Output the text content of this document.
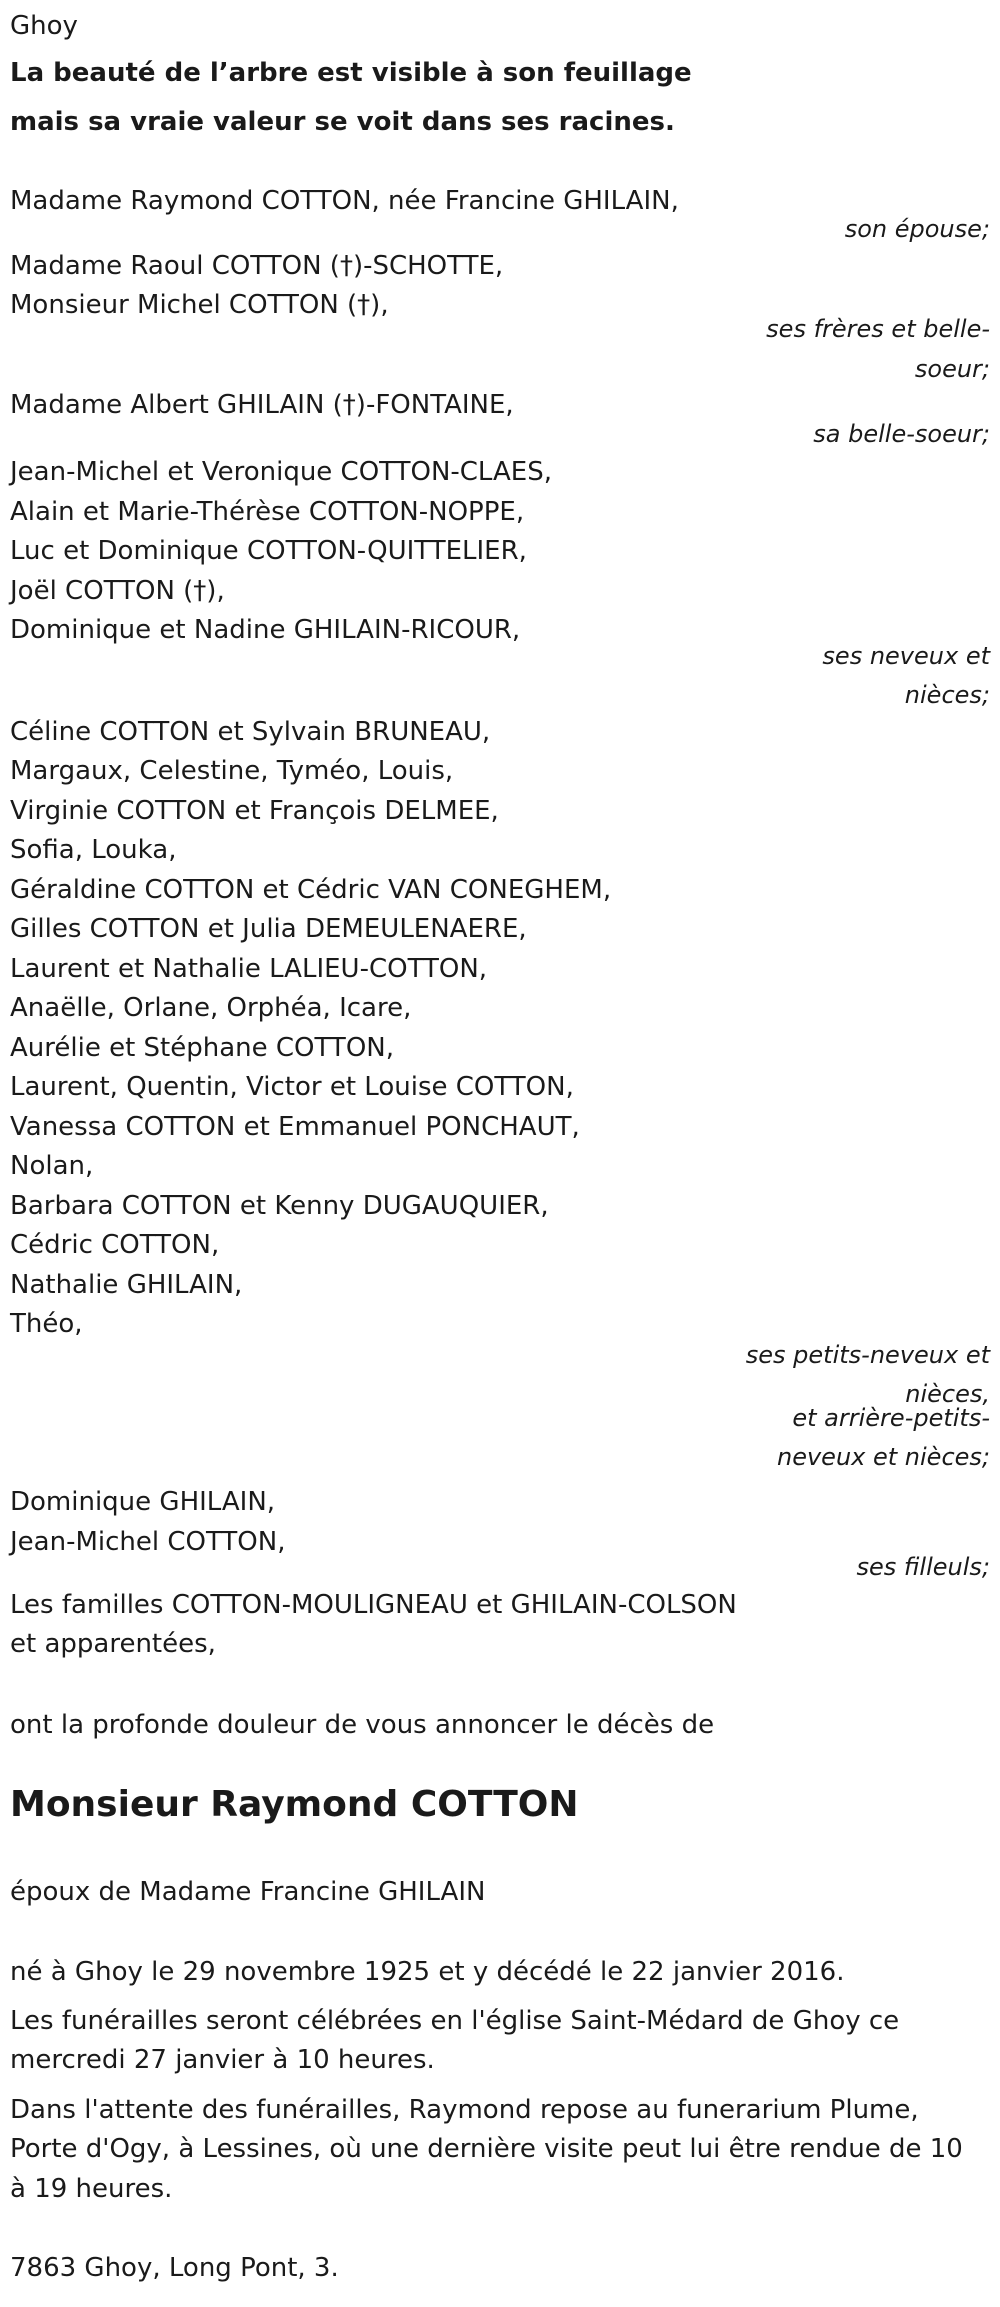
Ghoy
La beauté de l’arbre est visible à son feuillage
mais sa vraie valeur se voit dans ses racines.
Madame Raymond COTTON, née Francine GHILAIN,
son épouse;
Madame Raoul COTTON (†)-SCHOTTE,
Monsieur Michel COTTON (†),
ses frères et belle-
soeur;
Madame Albert GHILAIN (†)-FONTAINE,
sa belle-soeur;
Jean-Michel et Veronique COTTON-CLAES,
Alain et Marie-Thérèse COTTON-NOPPE,
Luc et Dominique COTTON-QUITTELIER,
Joël COTTON (†),
Dominique et Nadine GHILAIN-RICOUR,
ses neveux et
nièces;
Céline COTTON et Sylvain BRUNEAU,
Margaux, Celestine, Tyméo, Louis,
Virginie COTTON et François DELMEE,
Sofia, Louka,
Géraldine COTTON et Cédric VAN CONEGHEM,
Gilles COTTON et Julia DEMEULENAERE,
Laurent et Nathalie LALIEU-COTTON,
Anaëlle, Orlane, Orphéa, Icare,
Aurélie et Stéphane COTTON,
Laurent, Quentin, Victor et Louise COTTON,
Vanessa COTTON et Emmanuel PONCHAUT,
Nolan,
Barbara COTTON et Kenny DUGAUQUIER,
Cédric COTTON,
Nathalie GHILAIN,
Théo,
ses petits-neveux et
nièces,
et arrière-petits-
neveux et nièces;
Dominique GHILAIN,
Jean-Michel COTTON,
ses filleuls;
Les familles COTTON-MOULIGNEAU et GHILAIN-COLSON
et apparentées,
ont la profonde douleur de vous annoncer le décès de
Monsieur Raymond COTTON
époux de Madame Francine GHILAIN
né à Ghoy le 29 novembre 1925 et y décédé le 22 janvier 2016.
Les funérailles seront célébrées en l'église Saint-Médard de Ghoy ce
mercredi 27 janvier à 10 heures.
Dans l'attente des funérailles, Raymond repose au funerarium Plume,
Porte d'Ogy, à Lessines, où une dernière visite peut lui être rendue de 10
à 19 heures.
7863 Ghoy, Long Pont, 3.
